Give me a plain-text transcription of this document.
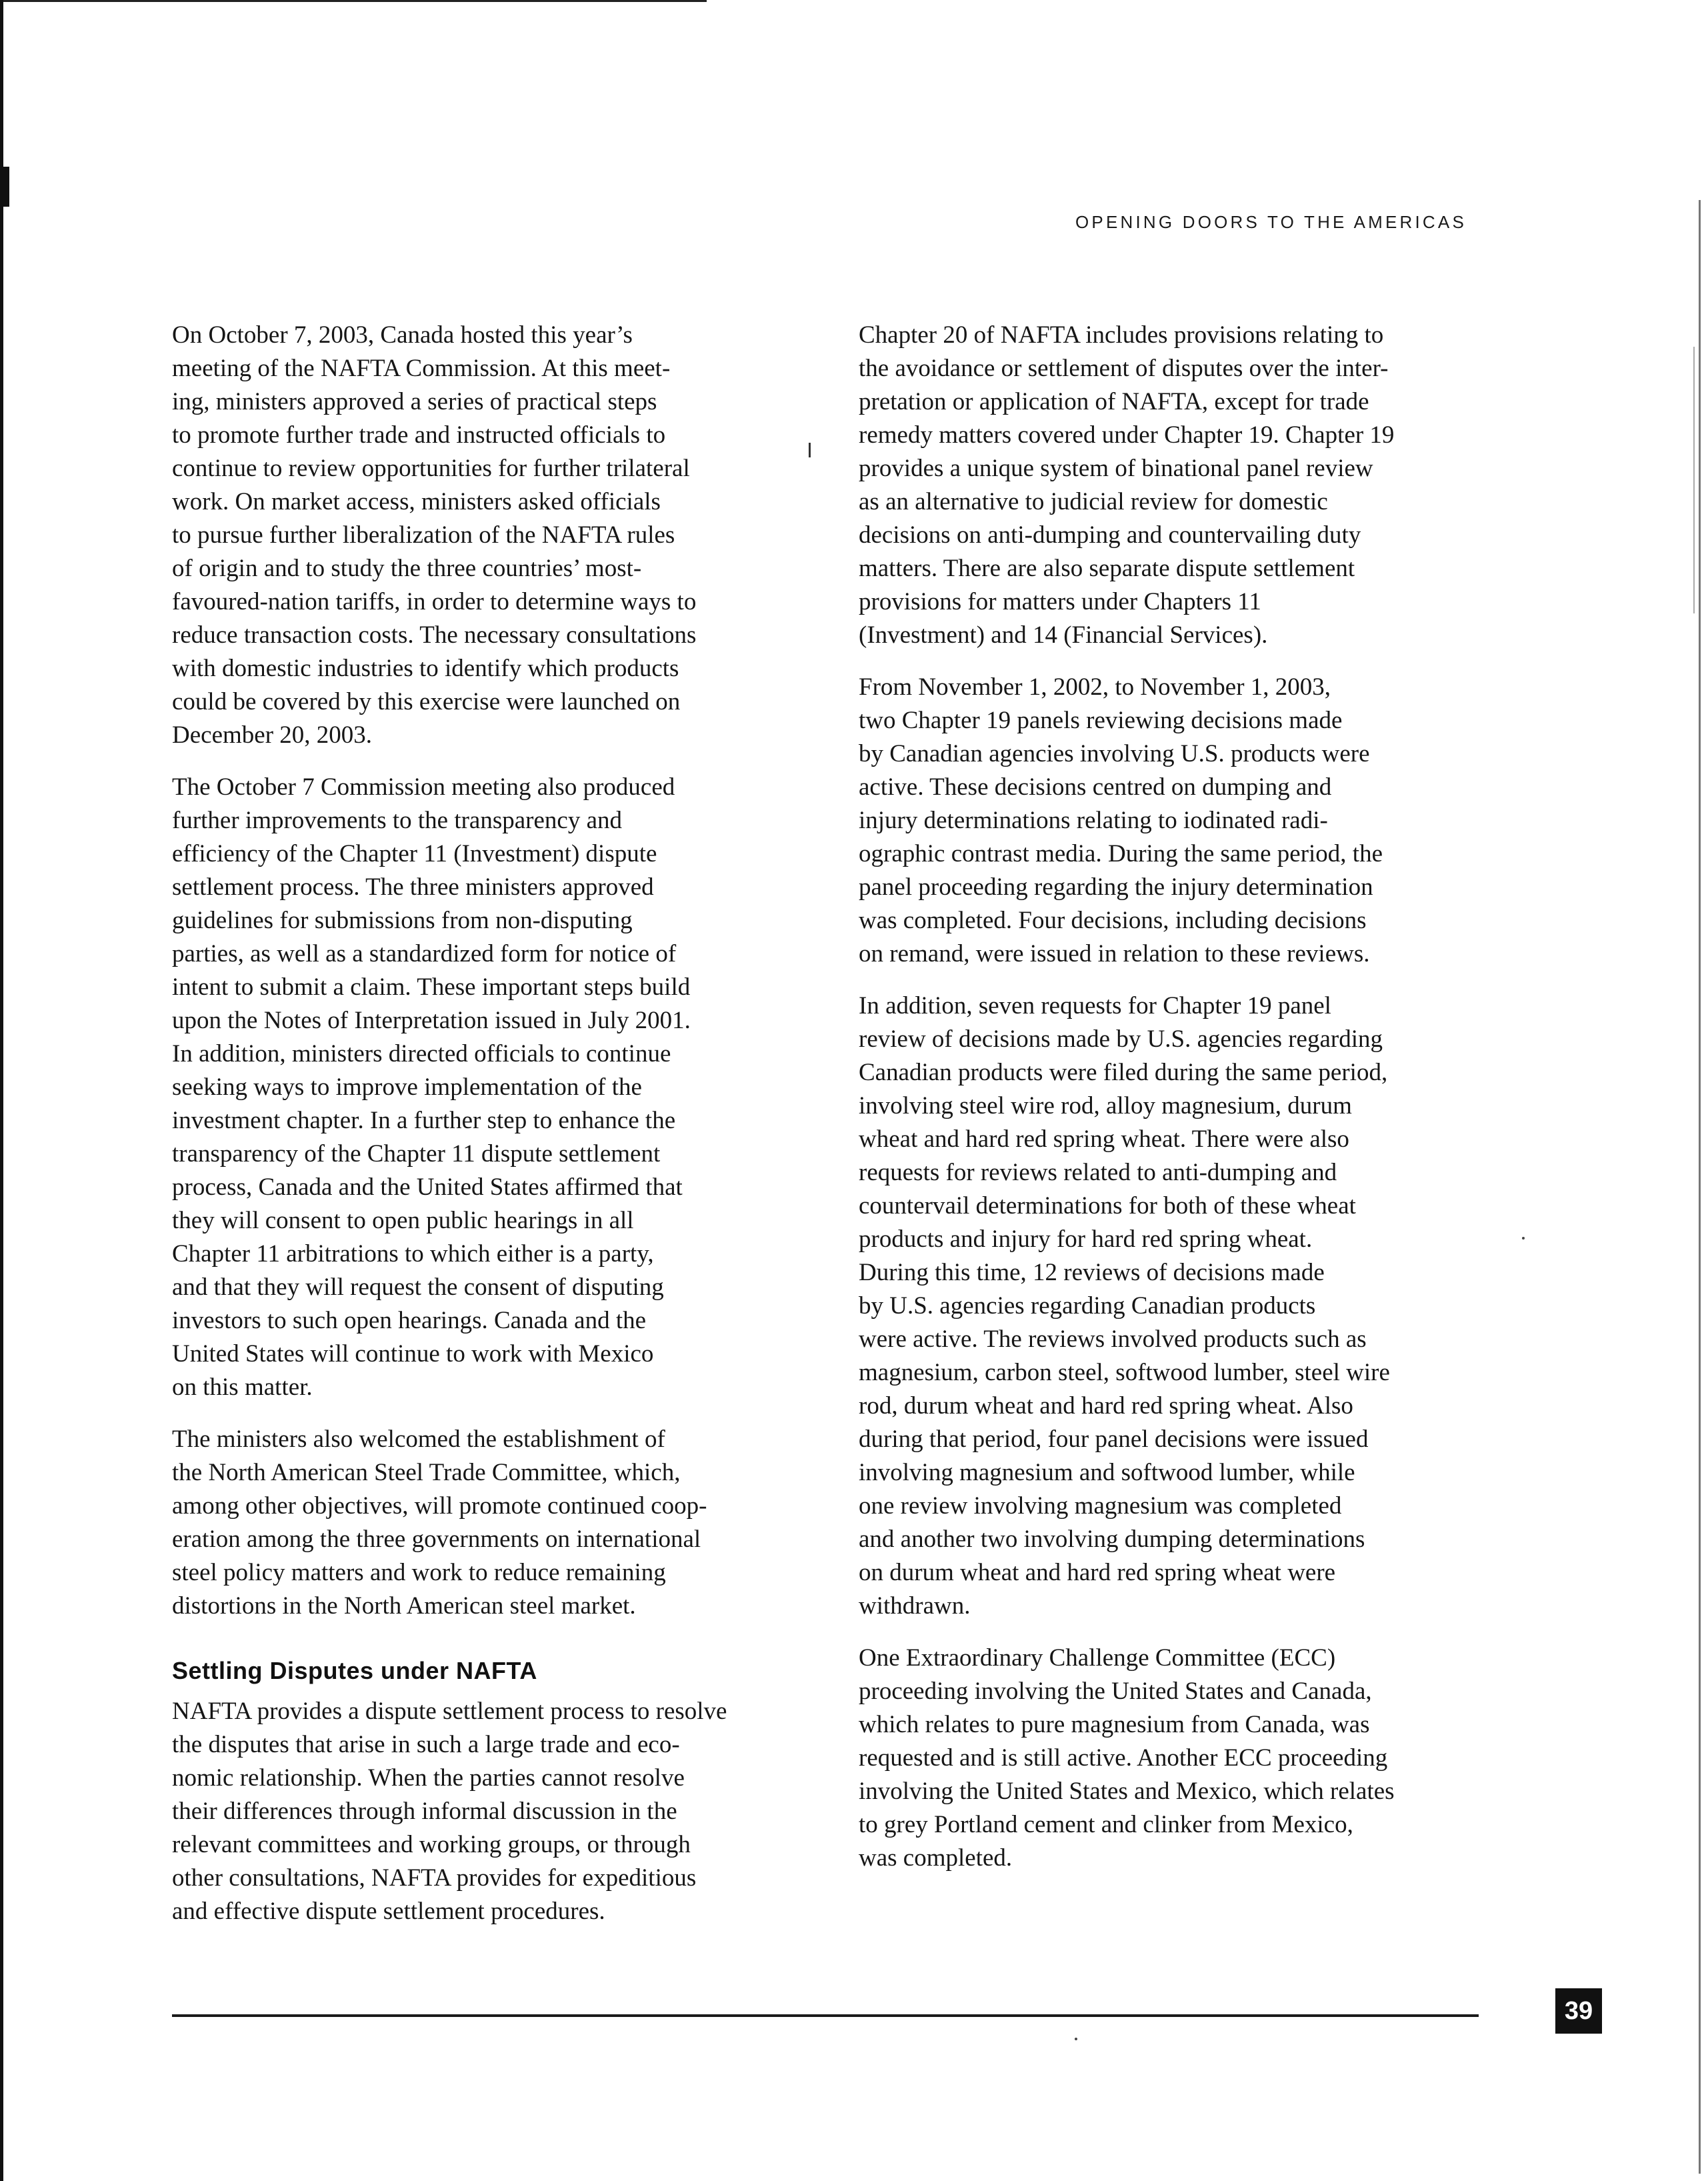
OPENING DOORS TO THE AMERICAS

On October 7, 2003, Canada hosted this year’s
meeting of the NAFTA Commission. At this meet-
ing, ministers approved a series of practical steps
to promote further trade and instructed officials to
continue to review opportunities for further trilateral
work. On market access, ministers asked officials
to pursue further liberalization of the NAFTA rules
of origin and to study the three countries’ most-
favoured-nation tariffs, in order to determine ways to
reduce transaction costs. The necessary consultations
with domestic industries to identify which products
could be covered by this exercise were launched on
December 20, 2003.

The October 7 Commission meeting also produced
further improvements to the transparency and
efficiency of the Chapter 11 (Investment) dispute
settlement process. The three ministers approved
guidelines for submissions from non-disputing
parties, as well as a standardized form for notice of
intent to submit a claim. These important steps build
upon the Notes of Interpretation issued in July 2001.
In addition, ministers directed officials to continue
seeking ways to improve implementation of the
investment chapter. In a further step to enhance the
transparency of the Chapter 11 dispute settlement
process, Canada and the United States affirmed that
they will consent to open public hearings in all
Chapter 11 arbitrations to which either is a party,
and that they will request the consent of disputing
investors to such open hearings. Canada and the
United States will continue to work with Mexico
on this matter.

The ministers also welcomed the establishment of
the North American Steel Trade Committee, which,
among other objectives, will promote continued coop-
eration among the three governments on international
steel policy matters and work to reduce remaining
distortions in the North American steel market.

Settling Disputes under NAFTA

NAFTA provides a dispute settlement process to resolve
the disputes that arise in such a large trade and eco-
nomic relationship. When the parties cannot resolve
their differences through informal discussion in the
relevant committees and working groups, or through
other consultations, NAFTA provides for expeditious
and effective dispute settlement procedures.

Chapter 20 of NAFTA includes provisions relating to
the avoidance or settlement of disputes over the inter-
pretation or application of NAFTA, except for trade
remedy matters covered under Chapter 19. Chapter 19
provides a unique system of binational panel review
as an alternative to judicial review for domestic
decisions on anti-dumping and countervailing duty
matters. There are also separate dispute settlement
provisions for matters under Chapters 11
(Investment) and 14 (Financial Services).

From November 1, 2002, to November 1, 2003,
two Chapter 19 panels reviewing decisions made
by Canadian agencies involving U.S. products were
active. These decisions centred on dumping and
injury determinations relating to iodinated radi-
ographic contrast media. During the same period, the
panel proceeding regarding the injury determination
was completed. Four decisions, including decisions
on remand, were issued in relation to these reviews.

In addition, seven requests for Chapter 19 panel
review of decisions made by U.S. agencies regarding
Canadian products were filed during the same period,
involving steel wire rod, alloy magnesium, durum
wheat and hard red spring wheat. There were also
requests for reviews related to anti-dumping and
countervail determinations for both of these wheat
products and injury for hard red spring wheat.
During this time, 12 reviews of decisions made
by U.S. agencies regarding Canadian products
were active. The reviews involved products such as
magnesium, carbon steel, softwood lumber, steel wire
rod, durum wheat and hard red spring wheat. Also
during that period, four panel decisions were issued
involving magnesium and softwood lumber, while
one review involving magnesium was completed
and another two involving dumping determinations
on durum wheat and hard red spring wheat were
withdrawn.

One Extraordinary Challenge Committee (ECC)
proceeding involving the United States and Canada,
which relates to pure magnesium from Canada, was
requested and is still active. Another ECC proceeding
involving the United States and Mexico, which relates
to grey Portland cement and clinker from Mexico,
was completed.

39
